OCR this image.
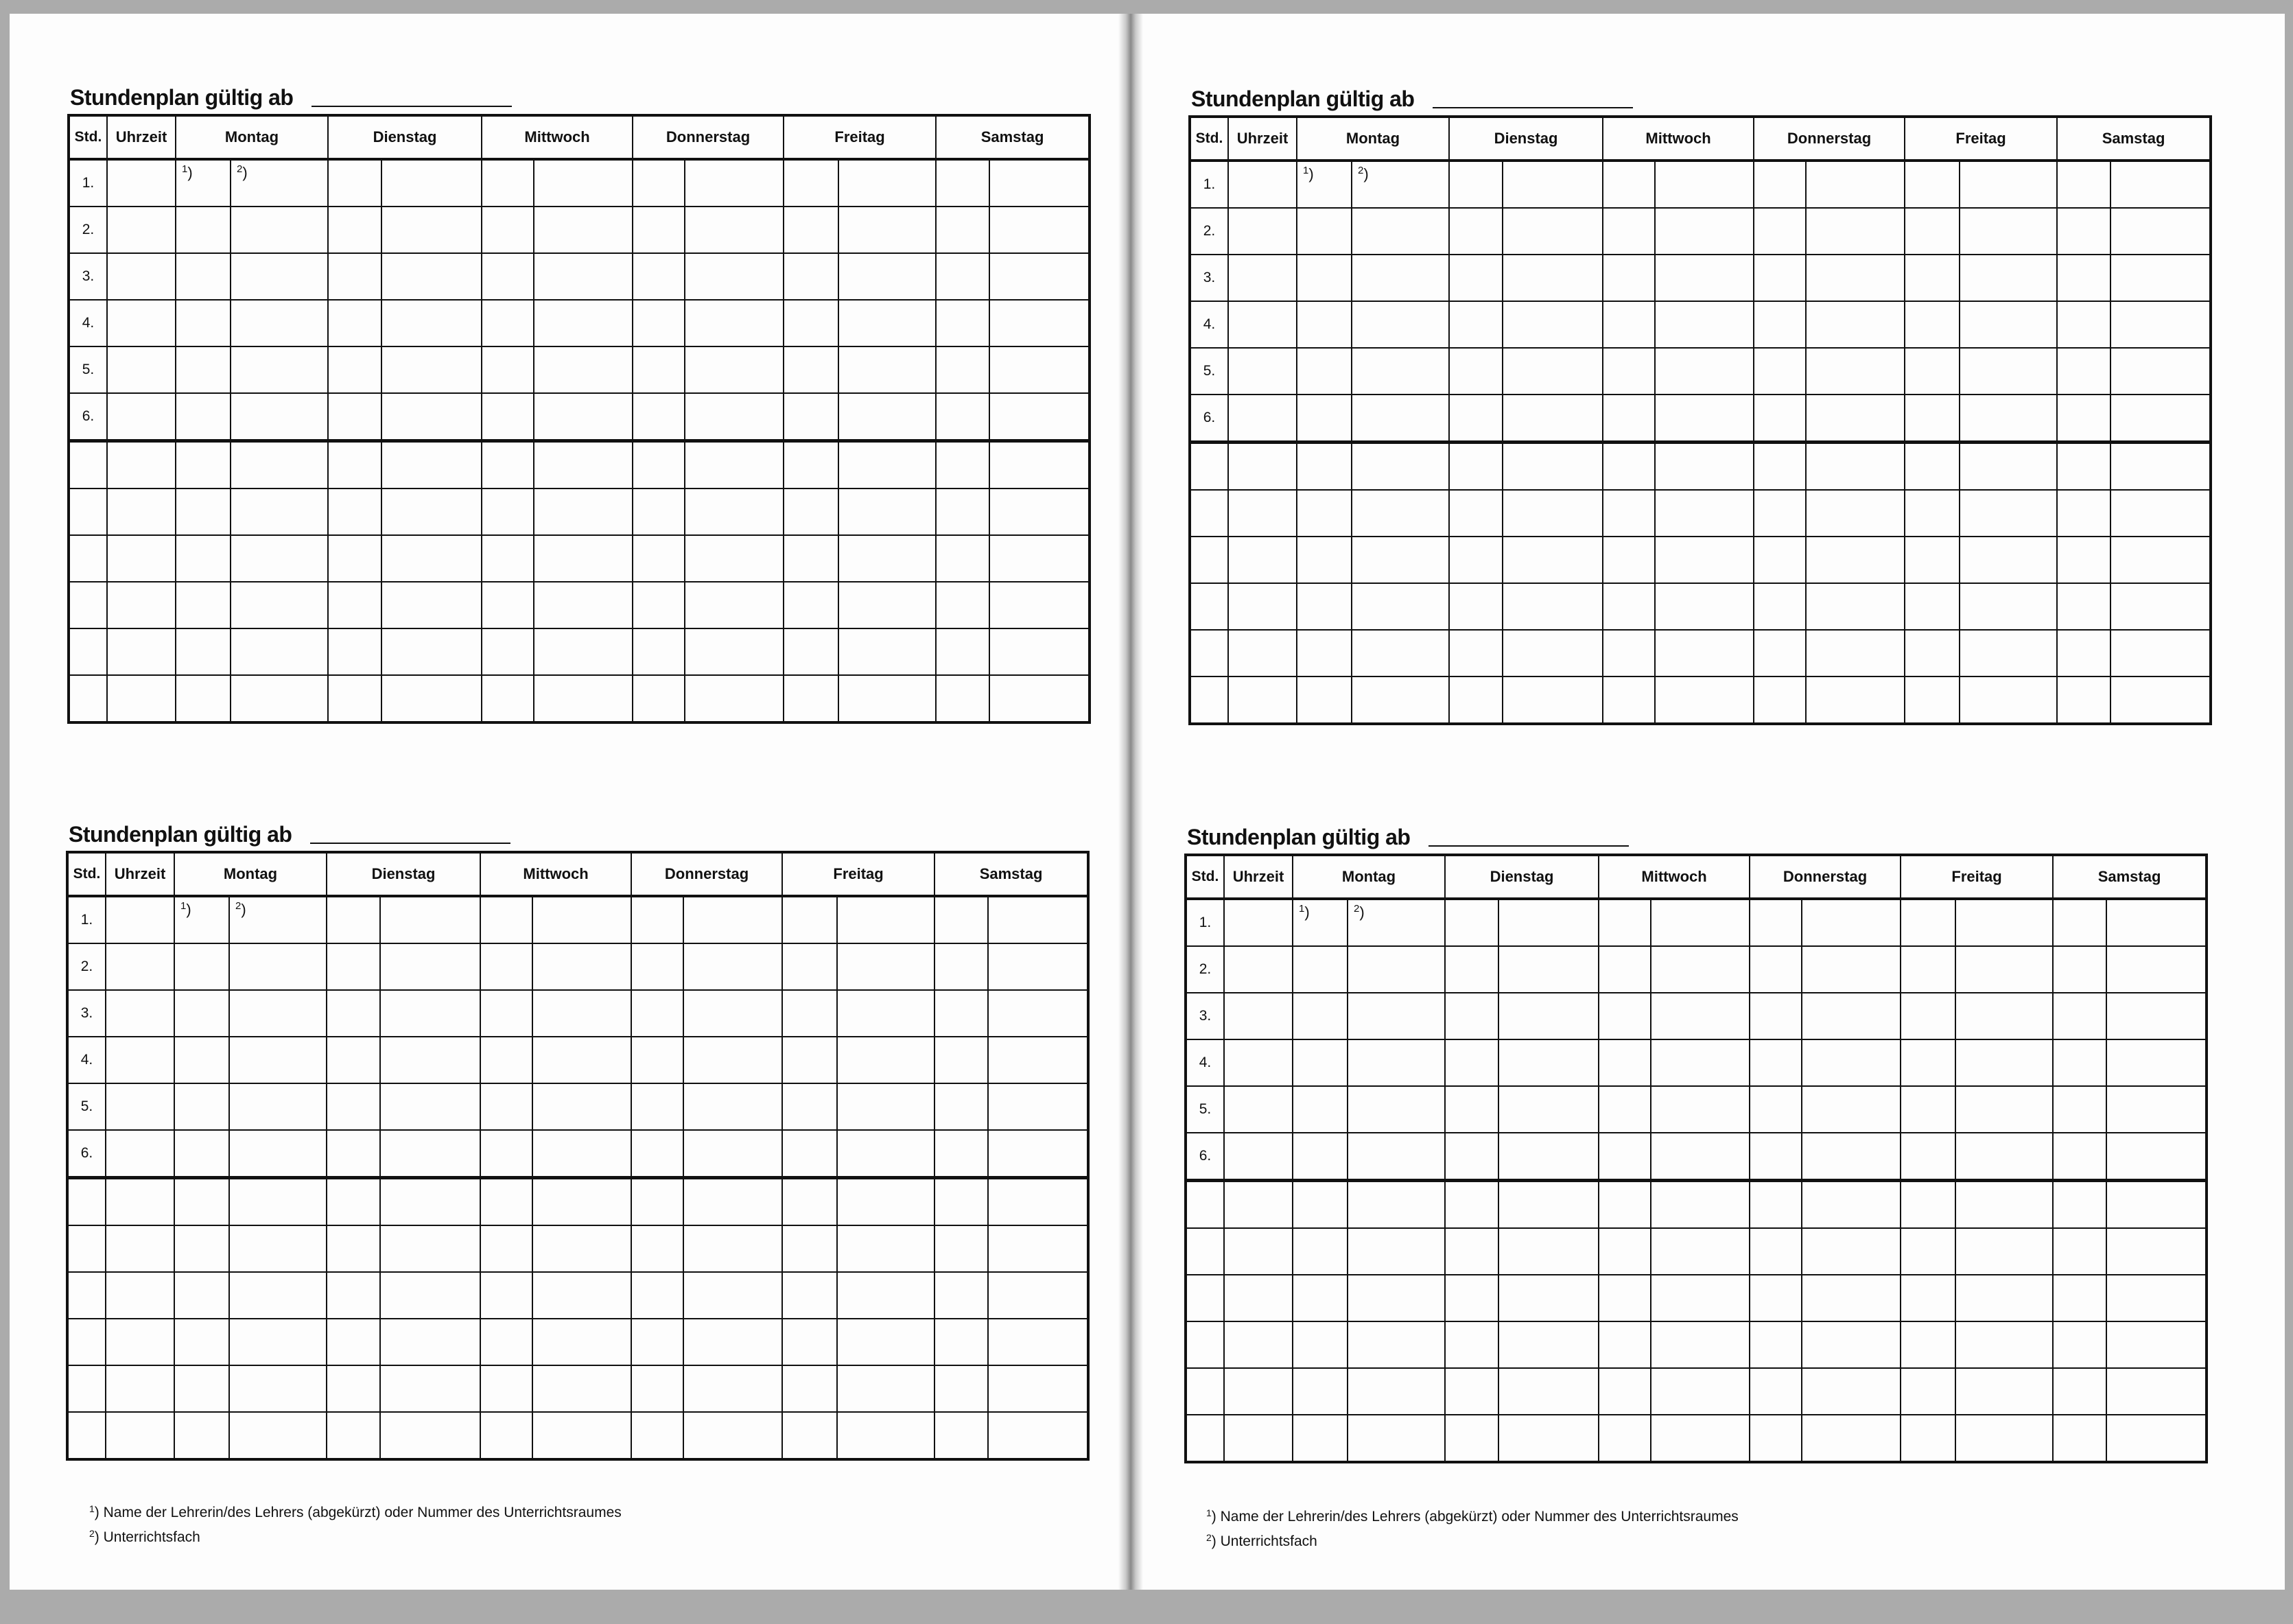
Stundenplan gültig ab
Std.	Uhrzeit	Montag		Dienstag		Mittwoch		Donnerstag		Freitag		Samstag	
1.		$^1$)	$^2$)										

2.													
3.													
4.													
5.													
6.													

Stundenplan gültig ab
Std.	Uhrzeit	Montag		Dienstag		Mittwoch		Donnerstag		Freitag		Samstag	
1.		$^1$)	$^2$)										

2.													
3.													
4.													
5.													
6.													

Stundenplan gültig ab
Std.	Uhrzeit	Montag		Dienstag		Mittwoch		Donnerstag		Freitag		Samstag	
1.		$^1$)	$^2$)										

2.													
3.													
4.													
5.													
6.													

Stundenplan gültig ab
Std.	Uhrzeit	Montag		Dienstag		Mittwoch		Donnerstag		Freitag		Samstag	
1.		$^1$)	$^2$)										

2.													
3.													
4.													
5.													
6.													

$^1$) Name der Lehrerin/des Lehrers (abgekürzt) oder Nummer des Unterrichtsraumes
$^2$) Unterrichtsfach
$^1$) Name der Lehrerin/des Lehrers (abgekürzt) oder Nummer des Unterrichtsraumes
$^2$) Unterrichtsfach
